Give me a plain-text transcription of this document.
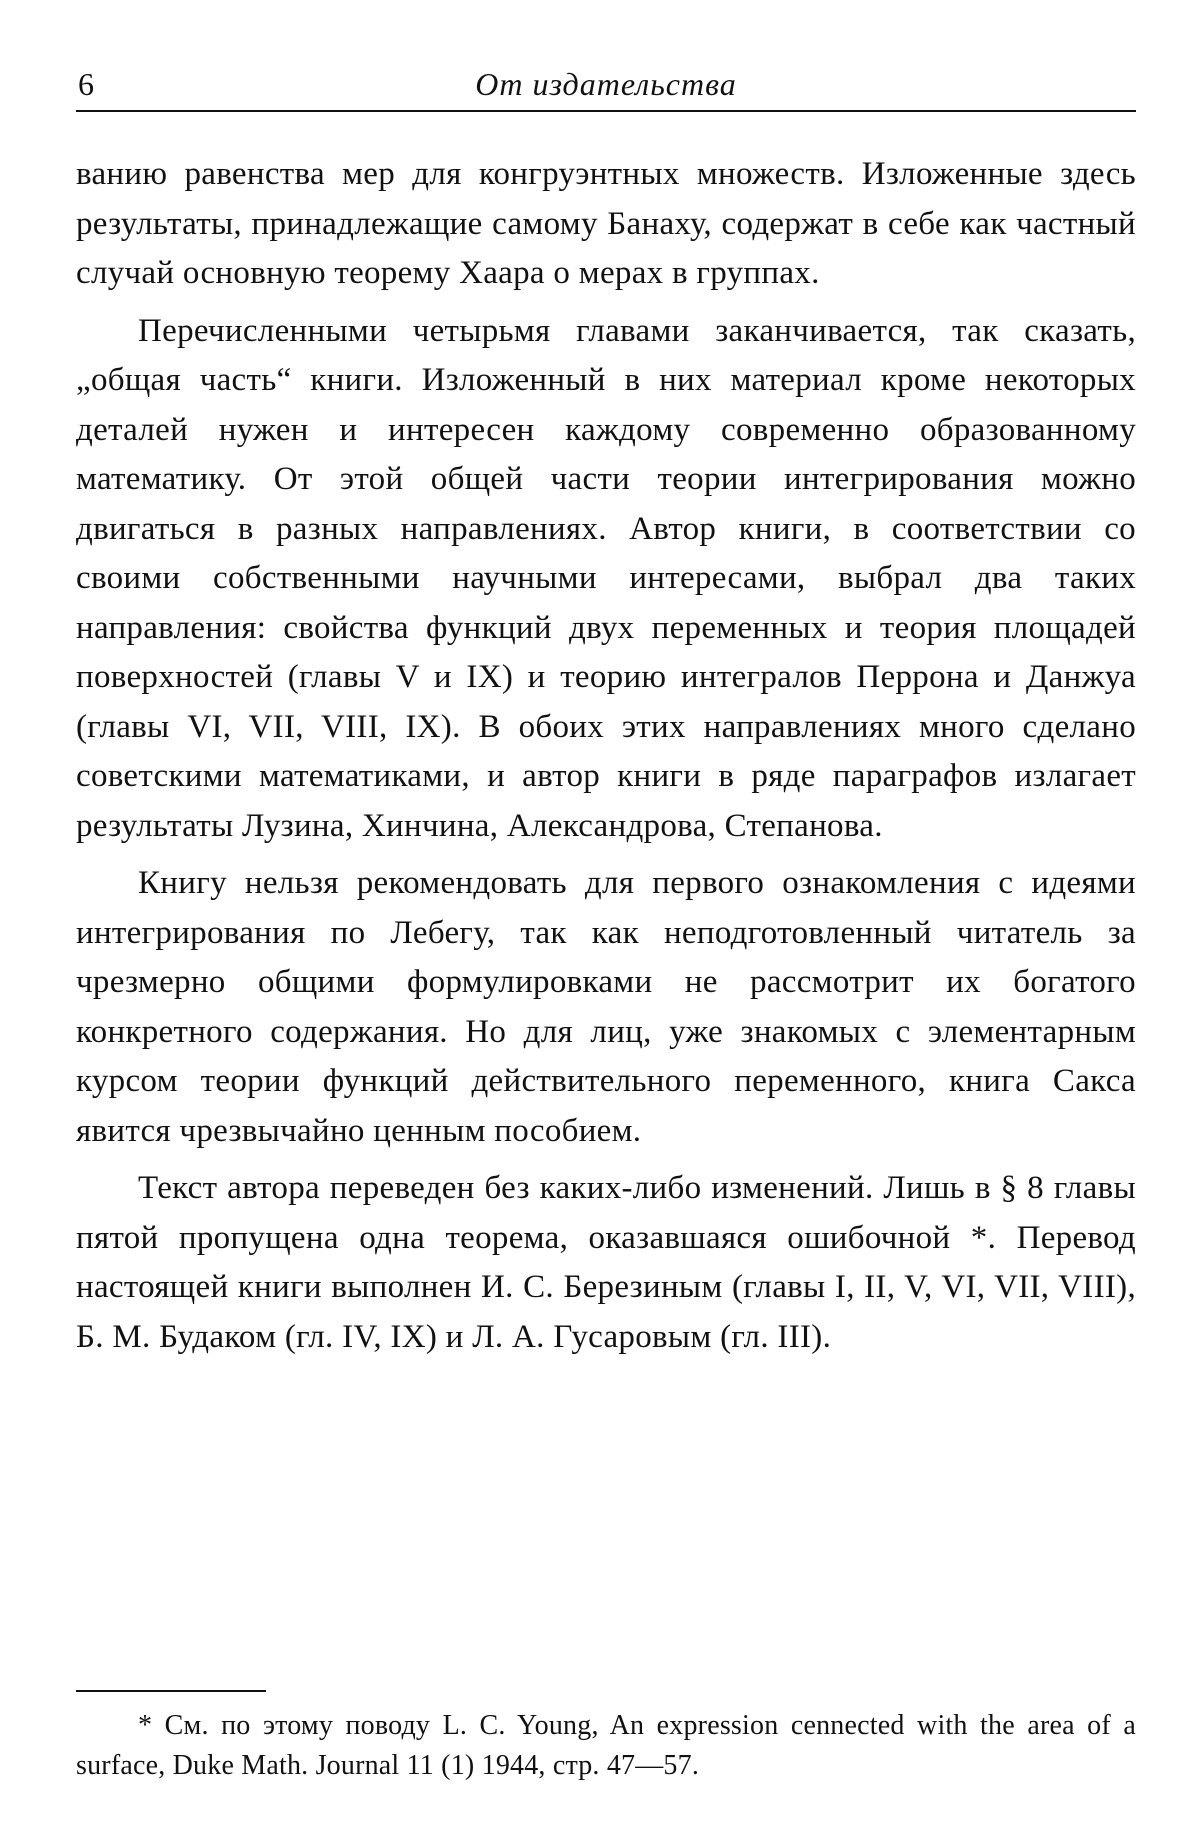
6	От издательства

ванию равенства мер для конгруэнтных множеств. Изложенные здесь результаты, принадлежащие самому Банаху, содержат в себе как частный случай основную теорему Хаара о мерах в группах.

Перечисленными четырьмя главами заканчивается, так сказать, „общая часть“ книги. Изложенный в них материал кроме некоторых деталей нужен и интересен каждому современно образованному математику. От этой общей части теории интегрирования можно двигаться в разных направлениях. Автор книги, в соответствии со своими собственными научными интересами, выбрал два таких направления: свойства функций двух переменных и теория площадей поверхностей (главы V и IX) и теорию интегралов Перрона и Данжуа (главы VI, VII, VIII, IX). В обоих этих направлениях много сделано советскими математиками, и автор книги в ряде параграфов излагает результаты Лузина, Хинчина, Александрова, Степанова.

Книгу нельзя рекомендовать для первого ознакомления с идеями интегрирования по Лебегу, так как неподготовленный читатель за чрезмерно общими формулировками не рассмотрит их богатого конкретного содержания. Но для лиц, уже знакомых с элементарным курсом теории функций действительного переменного, книга Сакса явится чрезвычайно ценным пособием.

Текст автора переведен без каких-либо изменений. Лишь в § 8 главы пятой пропущена одна теорема, оказавшаяся ошибочной *. Перевод настоящей книги выполнен И. С. Березиным (главы I, II, V, VI, VII, VIII), Б. М. Будаком (гл. IV, IX) и Л. А. Гусаровым (гл. III).

* См. по этому поводу L. C. Young, An expression cennected with the area of a surface, Duke Math. Journal 11 (1) 1944, стр. 47—57.
